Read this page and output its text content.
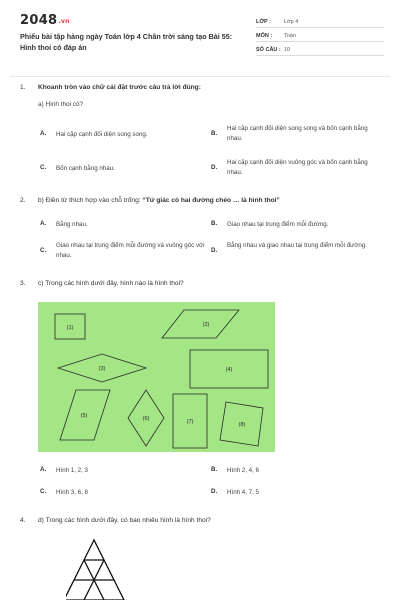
2048.vn
Phiếu bài tập hàng ngày Toán lớp 4 Chân trời sáng tạo Bài 55: Hình thoi có đáp án
LỚP : Lớp 4
MÔN : Toán
SỐ CÂU : 10
1. Khoanh tròn vào chữ cái đặt trước câu trả lời đúng:
a) Hình thoi có?
A. Hai cặp cạnh đối diện song song.	B.
Hai cặp cạnh đối diện song song và bốn cạnh bằng nhau.
C. Bốn cạnh bằng nhau.	D.
Hai cặp cạnh đối diện vuông góc và bốn cạnh bằng nhau.
2. b) Điền từ thích hợp vào chỗ trống: “Tứ giác có hai đường chéo … là hình thoi”
A. Bằng nhau.	B. Giao nhau tại trung điểm mỗi đường.
C.
Giao nhau tại trung điểm mỗi đường và vuông góc với nhau.
D.
Bằng nhau và giao nhau tại trung điểm mỗi đường.
3. c) Trong các hình dưới đây, hình nào là hình thoi?
(1)	(2)
(3)	(4)
(5)	(6)	(7)	(8)
A. Hình 1, 2, 3	B. Hình 2, 4, 6
C. Hình 3, 6, 8	D. Hình 4, 7, 5
4. d) Trong các hình dưới đây, có bao nhiêu hình là hình thoi?
